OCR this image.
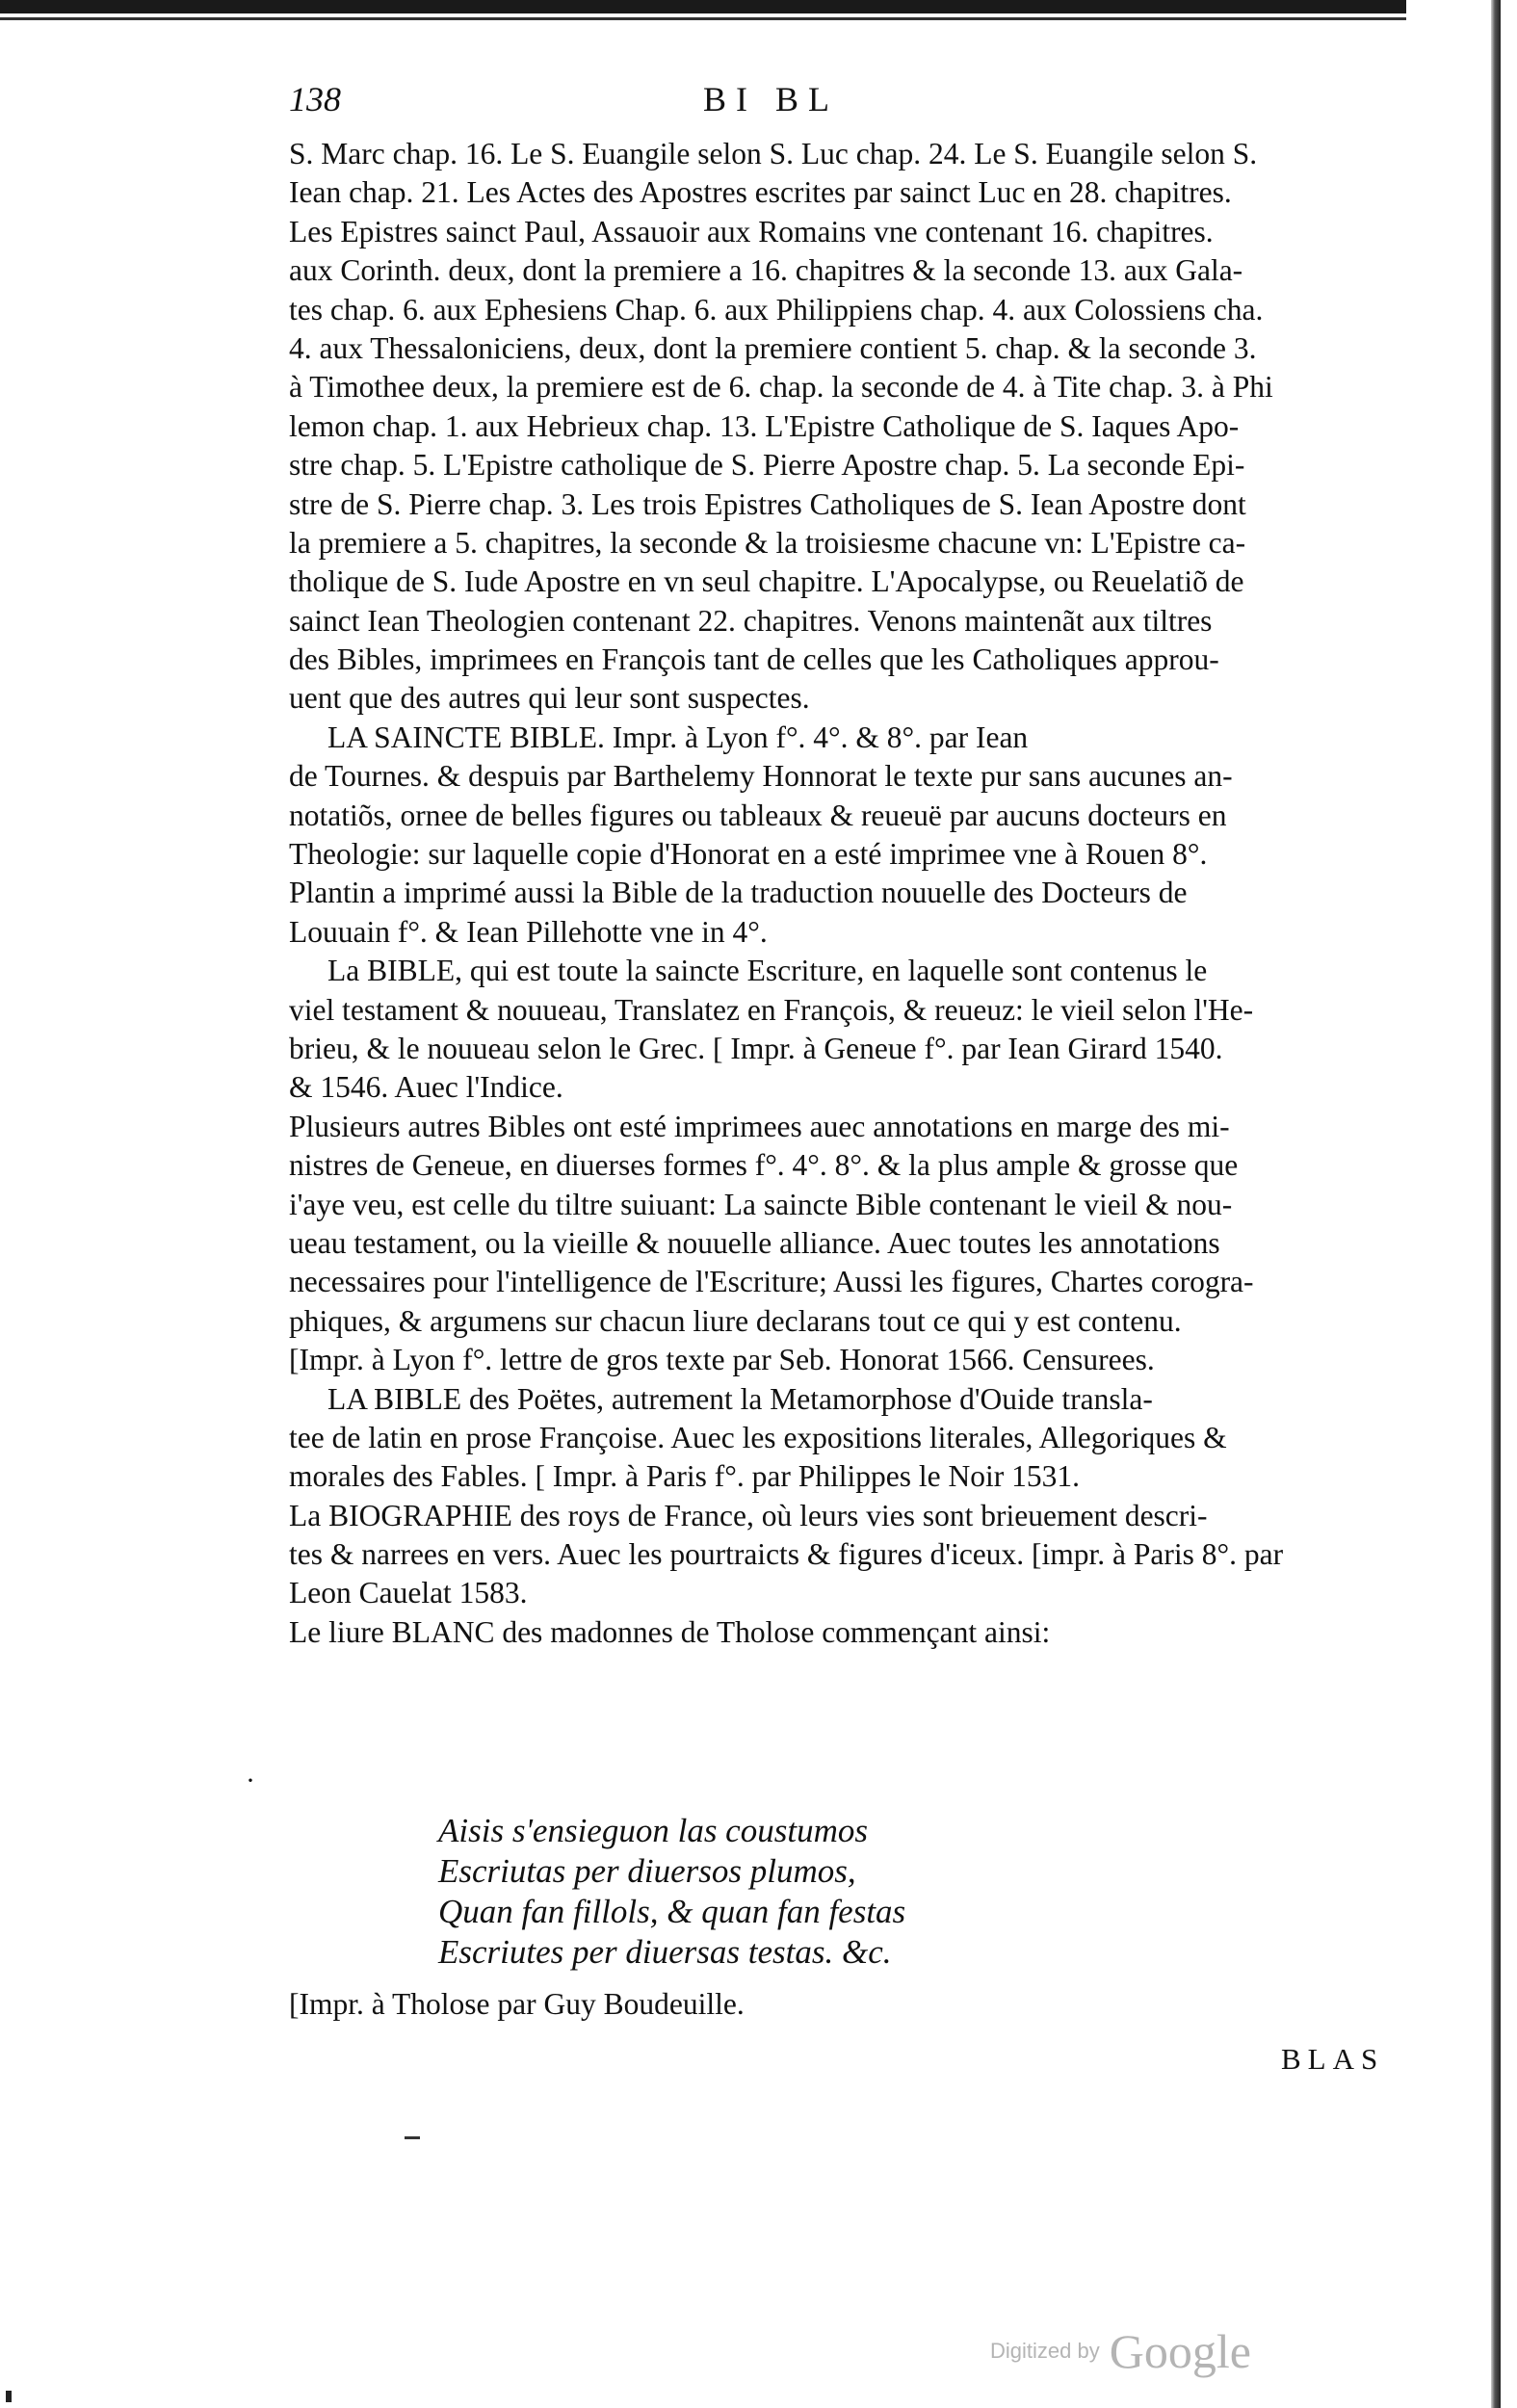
138	BI BL
S. Marc chap. 16. Le S. Euangile selon S. Luc chap. 24. Le S. Euangile selon S.
Iean chap. 21. Les Actes des Apostres escrites par sainct Luc en 28. chapitres.
Les Epistres sainct Paul, Assauoir aux Romains vne contenant 16. chapitres.
aux Corinth. deux, dont la premiere a 16. chapitres & la seconde 13. aux Gala-
tes chap. 6. aux Ephesiens Chap. 6. aux Philippiens chap. 4. aux Colossiens cha.
4. aux Thessaloniciens, deux, dont la premiere contient 5. chap. & la seconde 3.
à Timothee deux, la premiere est de 6. chap. la seconde de 4. à Tite chap. 3. à Phi
lemon chap. 1. aux Hebrieux chap. 13. L'Epistre Catholique de S. Iaques Apo-
stre chap. 5. L'Epistre catholique de S. Pierre Apostre chap. 5. La seconde Epi-
stre de S. Pierre chap. 3. Les trois Epistres Catholiques de S. Iean Apostre dont
la premiere a 5. chapitres, la seconde & la troisiesme chacune vn: L'Epistre ca-
tholique de S. Iude Apostre en vn seul chapitre. L'Apocalypse, ou Reuelatiõ de
sainct Iean Theologien contenant 22. chapitres. Venons maintenãt aux tiltres
des Bibles, imprimees en François tant de celles que les Catholiques approu-
uent que des autres qui leur sont suspectes.
LA SAINCTE BIBLE. Impr. à Lyon f°. 4°. & 8°. par Iean
de Tournes. & despuis par Barthelemy Honnorat le texte pur sans aucunes an-
notatiõs, ornee de belles figures ou tableaux & reueuë par aucuns docteurs en
Theologie: sur laquelle copie d'Honorat en a esté imprimee vne à Rouen 8°.
Plantin a imprimé aussi la Bible de la traduction nouuelle des Docteurs de
Louuain f°. & Iean Pillehotte vne in 4°.
La BIBLE, qui est toute la saincte Escriture, en laquelle sont contenus le
viel testament & nouueau, Translatez en François, & reueuz: le vieil selon l'He-
brieu, & le nouueau selon le Grec. [ Impr. à Geneue f°. par Iean Girard 1540.
& 1546. Auec l'Indice.
Plusieurs autres Bibles ont esté imprimees auec annotations en marge des mi-
nistres de Geneue, en diuerses formes f°. 4°. 8°. & la plus ample & grosse que
i'aye veu, est celle du tiltre suiuant: La saincte Bible contenant le vieil & nou-
ueau testament, ou la vieille & nouuelle alliance. Auec toutes les annotations
necessaires pour l'intelligence de l'Escriture; Aussi les figures, Chartes corogra-
phiques, & argumens sur chacun liure declarans tout ce qui y est contenu.
[Impr. à Lyon f°. lettre de gros texte par Seb. Honorat 1566. Censurees.
LA BIBLE des Poëtes, autrement la Metamorphose d'Ouide transla-
tee de latin en prose Françoise. Auec les expositions literales, Allegoriques &
morales des Fables. [ Impr. à Paris f°. par Philippes le Noir 1531.
La BIOGRAPHIE des roys de France, où leurs vies sont brieuement descri-
tes & narrees en vers. Auec les pourtraicts & figures d'iceux. [impr. à Paris 8°. par
Leon Cauelat 1583.
Le liure BLANC des madonnes de Tholose commençant ainsi:
·
Aisis s'ensieguon las coustumos
Escriutas per diuersos plumos,
Quan fan fillols, & quan fan festas
Escriutes per diuersas testas. &c.
[Impr. à Tholose par Guy Boudeuille.
BLAS
Digitized by Google
